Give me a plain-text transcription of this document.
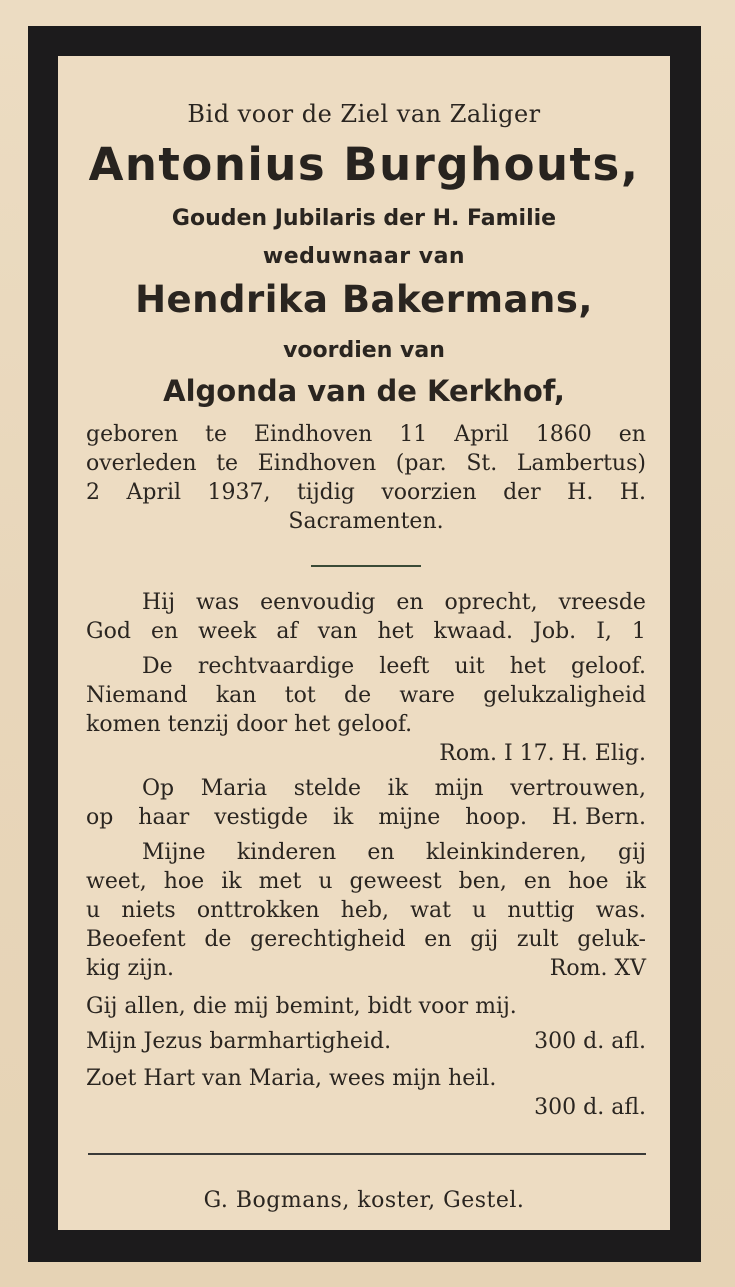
Bid voor de Ziel van Zaliger
Antonius Burghouts,
Gouden Jubilaris der H. Familie
weduwnaar van
Hendrika Bakermans,
voordien van
Algonda van de Kerkhof,
geboren te Eindhoven 11 April 1860 en
overleden te Eindhoven (par. St. Lambertus)
2 April 1937, tijdig voorzien der H. H.
Sacramenten.
Hij was eenvoudig en oprecht, vreesde
God en week af van het kwaad. Job. I, 1
De rechtvaardige leeft uit het geloof.
Niemand kan tot de ware gelukzaligheid
komen tenzij door het geloof.
Rom. I 17. H. Elig.
Op Maria stelde ik mijn vertrouwen,
op haar vestigde ik mijne hoop. H. Bern.
Mijne kinderen en kleinkinderen, gij
weet, hoe ik met u geweest ben, en hoe ik
u niets onttrokken heb, wat u nuttig was.
Beoefent de gerechtigheid en gij zult geluk-
kig zijn.	Rom. XV
Gij allen, die mij bemint, bidt voor mij.
Mijn Jezus barmhartigheid.	300 d. afl.
Zoet Hart van Maria, wees mijn heil.
300 d. afl.
G. Bogmans, koster, Gestel.
